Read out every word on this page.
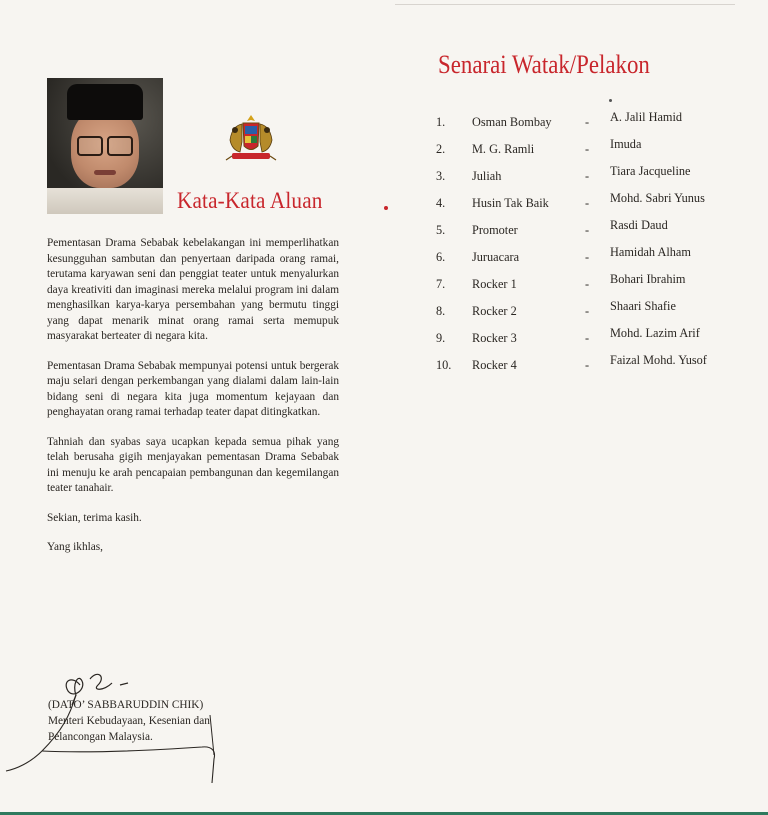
Kata-Kata Aluan

Pementasan Drama Sebabak kebelakangan ini memperlihatkan kesungguhan sambutan dan penyertaan daripada orang ramai, terutama karyawan seni dan penggiat teater untuk menyalurkan daya kreativiti dan imaginasi mereka melalui program ini dalam menghasilkan karya-karya persembahan yang bermutu tinggi yang dapat menarik minat orang ramai serta memupuk masyarakat berteater di negara kita.

Pementasan Drama Sebabak mempunyai potensi untuk bergerak maju selari dengan perkembangan yang dialami dalam lain-lain bidang seni di negara kita juga momentum kejayaan dan penghayatan orang ramai terhadap teater dapat ditingkatkan.

Tahniah dan syabas saya ucapkan kepada semua pihak yang telah berusaha gigih menjayakan pementasan Drama Sebabak ini menuju ke arah pencapaian pembangunan dan kegemilangan teater tanahair.

Sekian, terima kasih.

Yang ikhlas,

(DATO’ SABBARUDDIN CHIK)
Menteri Kebudayaan, Kesenian dan
Pelancongan Malaysia.
Senarai Watak/Pelakon
1.	Osman Bombay	- A. Jalil Hamid
2.	M. G. Ramli	- Imuda
3.	Juliah	- Tiara Jacqueline
4.	Husin Tak Baik	- Mohd. Sabri Yunus
5.	Promoter	- Rasdi Daud
6.	Juruacara	- Hamidah Alham
7.	Rocker 1	- Bohari Ibrahim
8.	Rocker 2	- Shaari Shafie
9.	Rocker 3	- Mohd. Lazim Arif
10.	Rocker 4	- Faizal Mohd. Yusof
